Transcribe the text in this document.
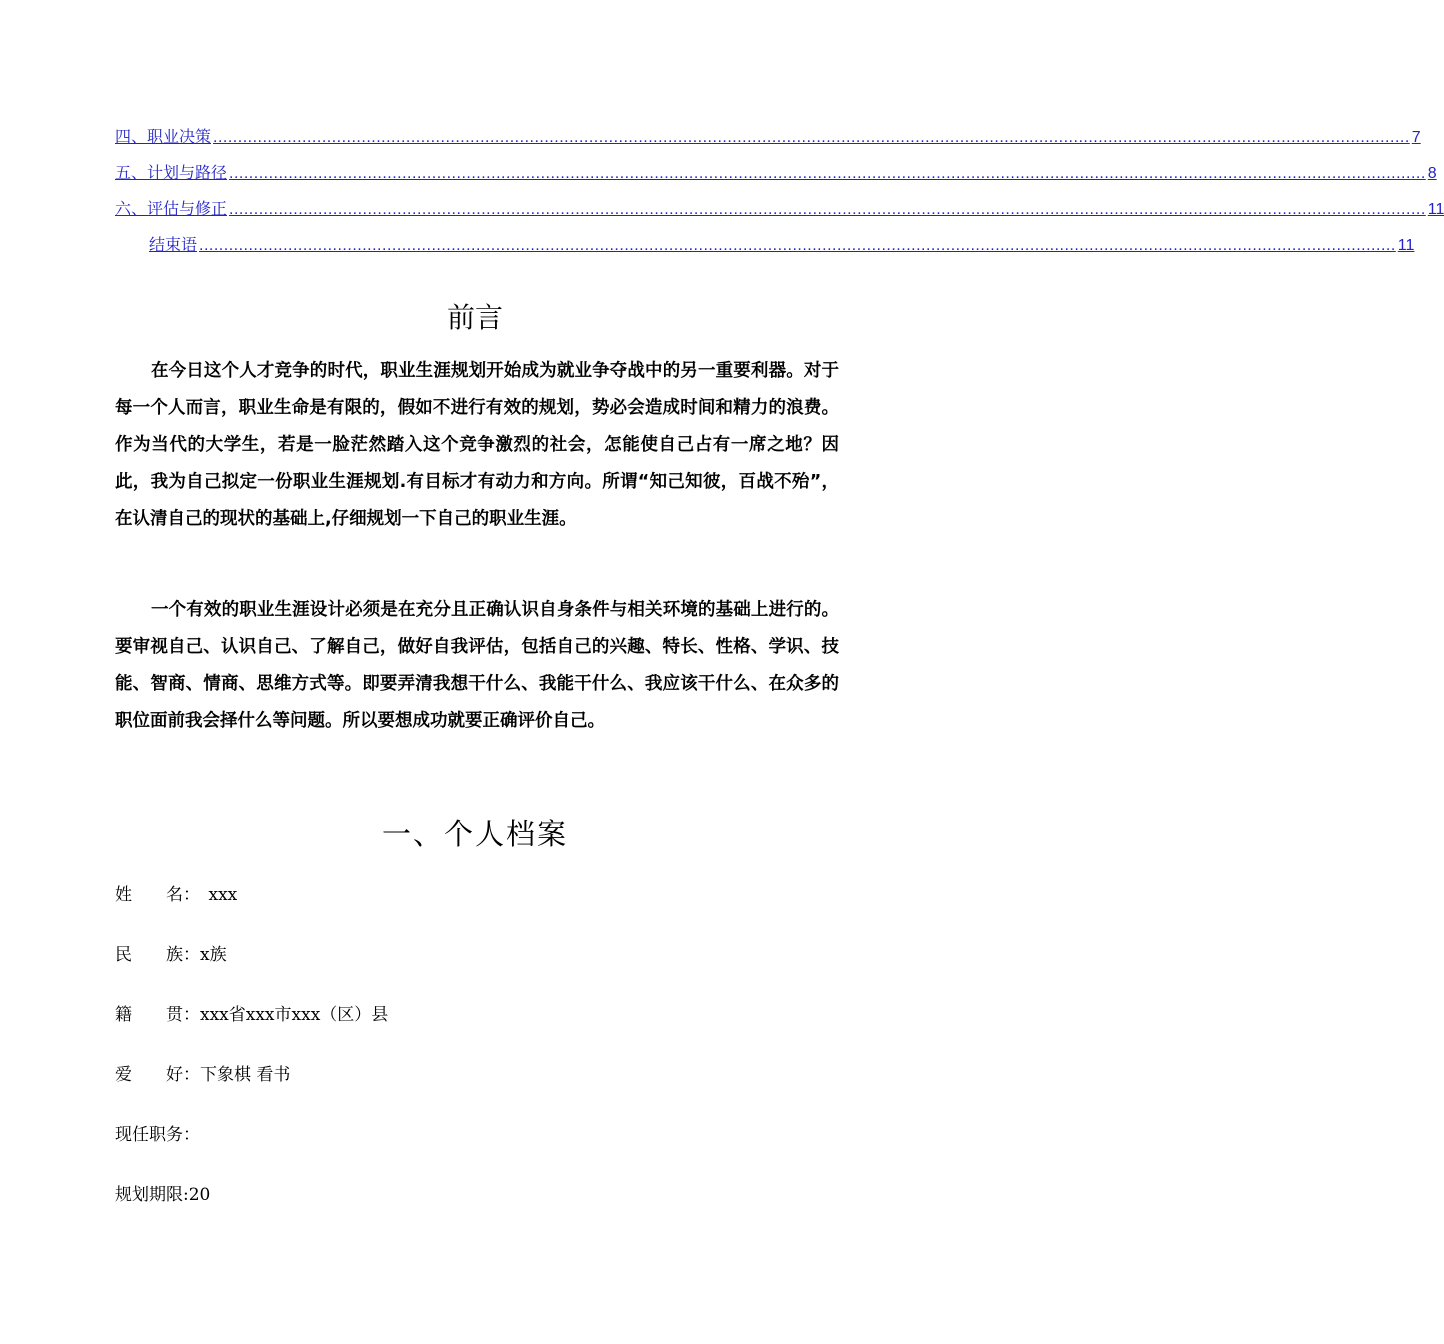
四、职业决策 .................................................................................................................................................................................................................................................. 7
五、计划与路径 .................................................................................................................................................................................................................................................. 8
六、评估与修正 .................................................................................................................................................................................................................................................. 11
结束语 .................................................................................................................................................................................................................................................. 11
前言

在今日这个人才竞争的时代，职业生涯规划开始成为就业争夺战中的另一重要利器。对于每一个人而言，职业生命是有限的，假如不进行有效的规划，势必会造成时间和精力的浪费。作为当代的大学生，若是一脸茫然踏入这个竞争激烈的社会，怎能使自己占有一席之地？因此，我为自己拟定一份职业生涯规划.有目标才有动力和方向。所谓“知己知彼，百战不殆”，在认清自己的现状的基础上,仔细规划一下自己的职业生涯。

一个有效的职业生涯设计必须是在充分且正确认识自身条件与相关环境的基础上进行的。要审视自己、认识自己、了解自己，做好自我评估，包括自己的兴趣、特长、性格、学识、技能、智商、情商、思维方式等。即要弄清我想干什么、我能干什么、我应该干什么、在众多的职位面前我会择什么等问题。所以要想成功就要正确评价自己。

一、个人档案
姓　　名：　xxx
民　　族：x族
籍　　贯：xxx省xxx市xxx（区）县
爱　　好：下象棋 看书
现任职务：
规划期限:20
